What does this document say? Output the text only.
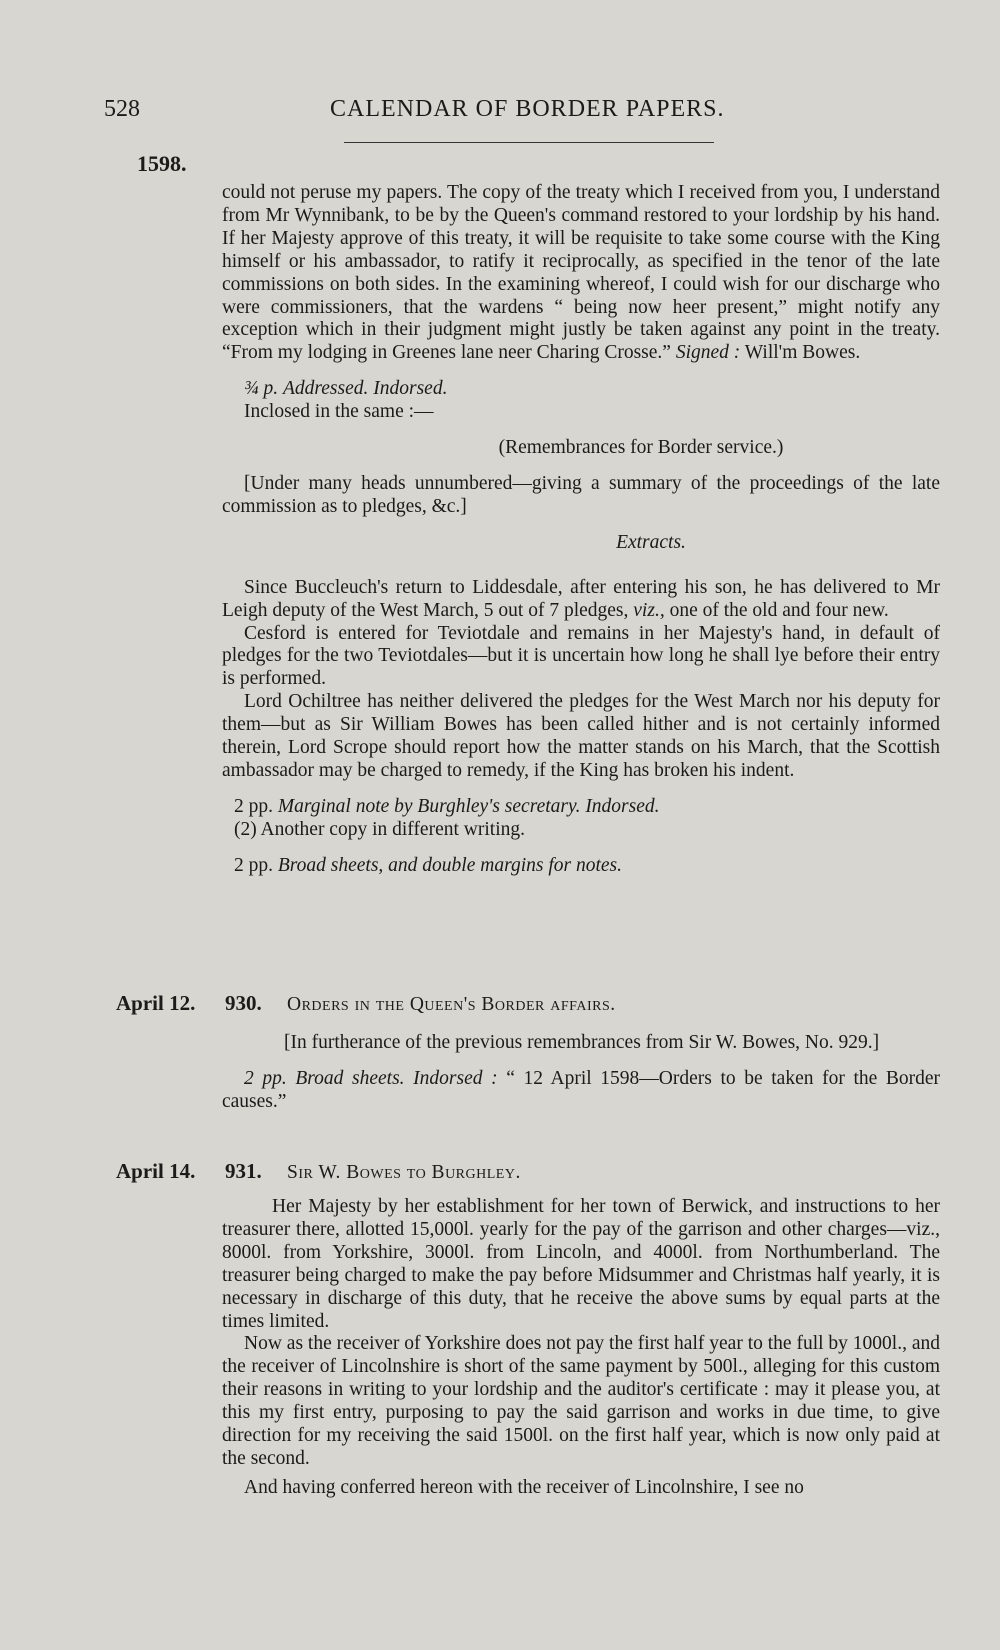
528	CALENDAR OF BORDER PAPERS.
1598.

could not peruse my papers. The copy of the treaty which I received from you, I understand from Mr Wynnibank, to be by the Queen's command restored to your lordship by his hand. If her Majesty approve of this treaty, it will be requisite to take some course with the King himself or his ambassador, to ratify it reciprocally, as specified in the tenor of the late commissions on both sides. In the examining whereof, I could wish for our discharge who were commissioners, that the wardens “ being now heer present,” might notify any exception which in their judgment might justly be taken against any point in the treaty. “From my lodging in Greenes lane neer Charing Crosse.” Signed : Will'm Bowes.

¾ p. Addressed. Indorsed.

Inclosed in the same :—

(Remembrances for Border service.)

[Under many heads unnumbered—giving a summary of the proceedings of the late commission as to pledges, &c.]

Extracts.

Since Buccleuch's return to Liddesdale, after entering his son, he has delivered to Mr Leigh deputy of the West March, 5 out of 7 pledges, viz., one of the old and four new.

Cesford is entered for Teviotdale and remains in her Majesty's hand, in default of pledges for the two Teviotdales—but it is uncertain how long he shall lye before their entry is performed.

Lord Ochiltree has neither delivered the pledges for the West March nor his deputy for them—but as Sir William Bowes has been called hither and is not certainly informed therein, Lord Scrope should report how the matter stands on his March, that the Scottish ambassador may be charged to remedy, if the King has broken his indent.

2 pp. Marginal note by Burghley's secretary. Indorsed.

(2) Another copy in different writing.

2 pp. Broad sheets, and double margins for notes.

April 12. 930. Orders in the Queen's Border affairs.

[In furtherance of the previous remembrances from Sir W. Bowes, No. 929.]

2 pp. Broad sheets. Indorsed : “ 12 April 1598—Orders to be taken for the Border causes.”

April 14. 931. Sir W. Bowes to Burghley.

Her Majesty by her establishment for her town of Berwick, and instructions to her treasurer there, allotted 15,000l. yearly for the pay of the garrison and other charges—viz., 8000l. from Yorkshire, 3000l. from Lincoln, and 4000l. from Northumberland. The treasurer being charged to make the pay before Midsummer and Christmas half yearly, it is necessary in discharge of this duty, that he receive the above sums by equal parts at the times limited.

Now as the receiver of Yorkshire does not pay the first half year to the full by 1000l., and the receiver of Lincolnshire is short of the same payment by 500l., alleging for this custom their reasons in writing to your lordship and the auditor's certificate : may it please you, at this my first entry, purposing to pay the said garrison and works in due time, to give direction for my receiving the said 1500l. on the first half year, which is now only paid at the second.

And having conferred hereon with the receiver of Lincolnshire, I see no
